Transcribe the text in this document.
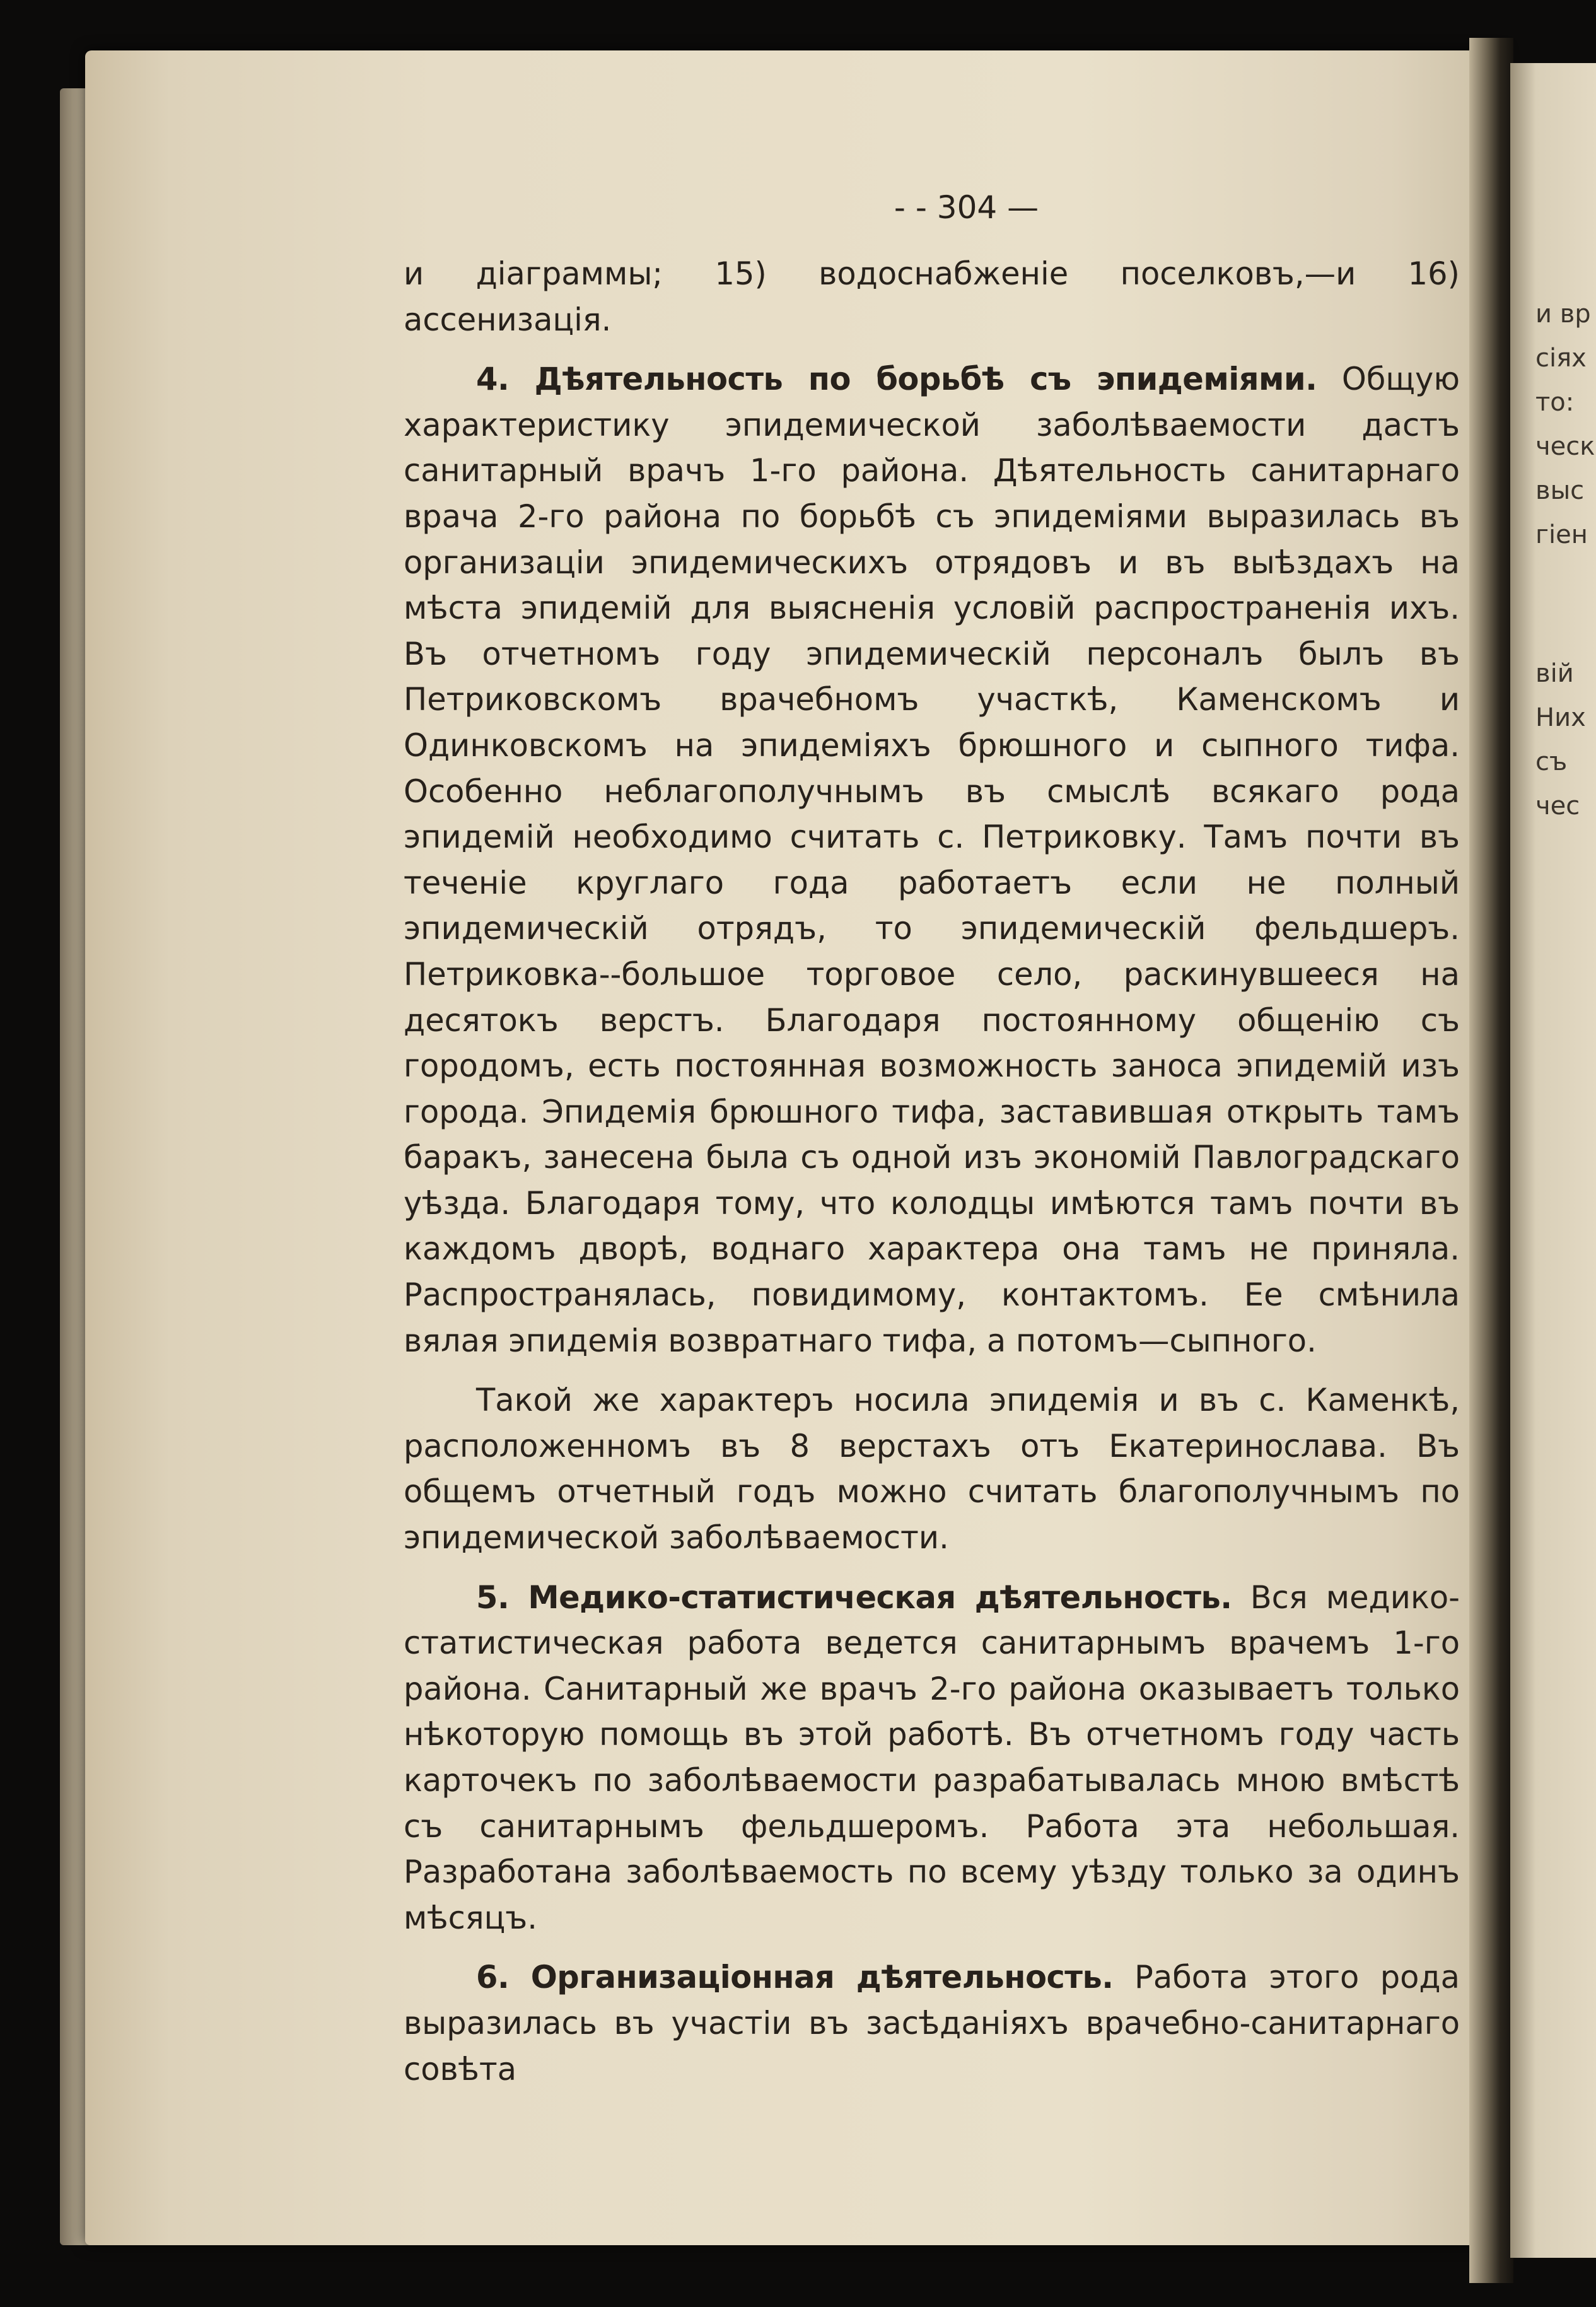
и вр
сіях
то:
ческ
выс
гіен
вій
Них
съ
чес
- - 304 —

и діаграммы; 15) водоснабженіе поселковъ,—и 16) ассенизація.

4. Дѣятельность по борьбѣ съ эпидеміями. Общую характеристику эпидемической заболѣваемости дастъ санитарный врачъ 1-го района. Дѣятельность санитарнаго врача 2-го района по борьбѣ съ эпидеміями выразилась въ организаціи эпидемическихъ отрядовъ и въ выѣздахъ на мѣста эпидемій для выясненія условій распространенія ихъ. Въ отчетномъ году эпидемическій персоналъ былъ въ Петриковскомъ врачебномъ участкѣ, Каменскомъ и Одинковскомъ на эпидеміяхъ брюшного и сыпного тифа. Особенно неблагополучнымъ въ смыслѣ всякаго рода эпидемій необходимо считать с. Петриковку. Тамъ почти въ теченіе круглаго года работаетъ если не полный эпидемическій отрядъ, то эпидемическій фельдшеръ. Петриковка--большое торговое село, раскинувшееся на десятокъ верстъ. Благодаря постоянному общенію съ городомъ, есть постоянная возможность заноса эпидемій изъ города. Эпидемія брюшного тифа, заставившая открыть тамъ баракъ, занесена была съ одной изъ экономій Павлоградскаго уѣзда. Благодаря тому, что колодцы имѣются тамъ почти въ каждомъ дворѣ, воднаго характера она тамъ не приняла. Распространялась, повидимому, контактомъ. Ее смѣнила вялая эпидемія возвратнаго тифа, а потомъ—сыпного.

Такой же характеръ носила эпидемія и въ с. Каменкѣ, расположенномъ въ 8 верстахъ отъ Екатеринослава. Въ общемъ отчетный годъ можно считать благополучнымъ по эпидемической заболѣваемости.

5. Медико-статистическая дѣятельность. Вся медико-статистическая работа ведется санитарнымъ врачемъ 1-го района. Санитарный же врачъ 2-го района оказываетъ только нѣкоторую помощь въ этой работѣ. Въ отчетномъ году часть карточекъ по заболѣваемости разрабатывалась мною вмѣстѣ съ санитарнымъ фельдшеромъ. Работа эта небольшая. Разработана заболѣваемость по всему уѣзду только за одинъ мѣсяцъ.

6. Организаціонная дѣятельность. Работа этого рода выразилась въ участіи въ засѣданіяхъ врачебно-санитарнаго совѣта
